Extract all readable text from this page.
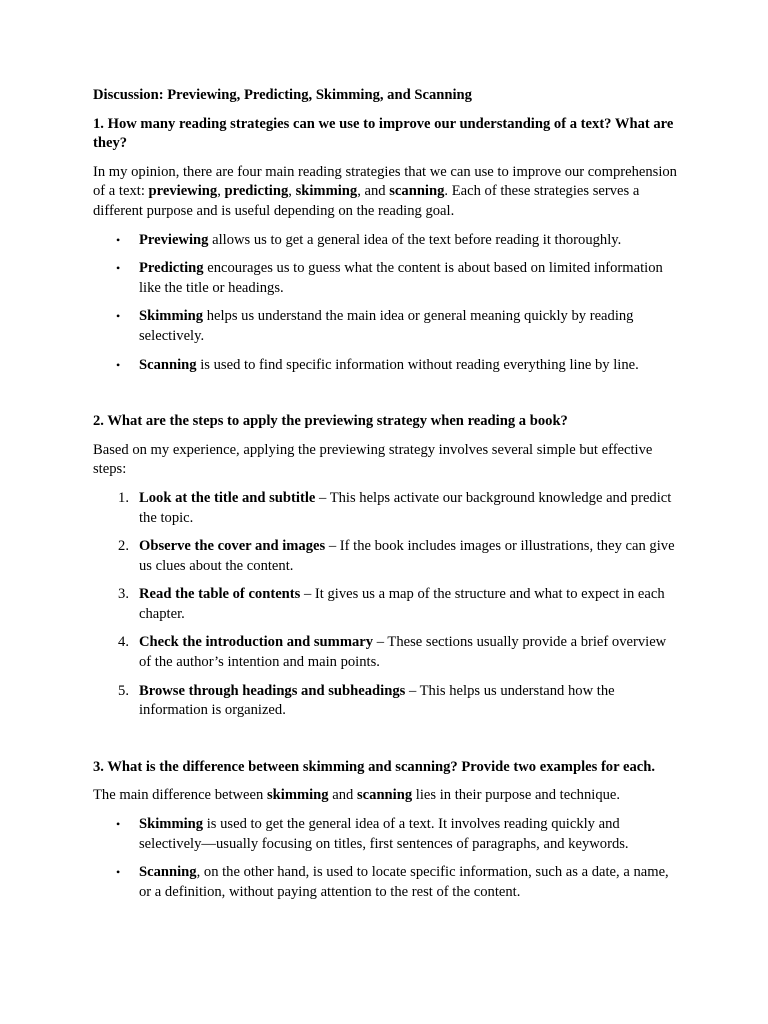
Discussion: Previewing, Predicting, Skimming, and Scanning
1. How many reading strategies can we use to improve our understanding of a text? What are they?
In my opinion, there are four main reading strategies that we can use to improve our comprehension of a text: previewing, predicting, skimming, and scanning. Each of these strategies serves a different purpose and is useful depending on the reading goal.
• Previewing allows us to get a general idea of the text before reading it thoroughly.
• Predicting encourages us to guess what the content is about based on limited information like the title or headings.
• Skimming helps us understand the main idea or general meaning quickly by reading selectively.
• Scanning is used to find specific information without reading everything line by line.
2. What are the steps to apply the previewing strategy when reading a book?
Based on my experience, applying the previewing strategy involves several simple but effective steps:
1. Look at the title and subtitle – This helps activate our background knowledge and predict the topic.
2. Observe the cover and images – If the book includes images or illustrations, they can give us clues about the content.
3. Read the table of contents – It gives us a map of the structure and what to expect in each chapter.
4. Check the introduction and summary – These sections usually provide a brief overview of the author’s intention and main points.
5. Browse through headings and subheadings – This helps us understand how the information is organized.
3. What is the difference between skimming and scanning? Provide two examples for each.
The main difference between skimming and scanning lies in their purpose and technique.
• Skimming is used to get the general idea of a text. It involves reading quickly and selectively—usually focusing on titles, first sentences of paragraphs, and keywords.
• Scanning, on the other hand, is used to locate specific information, such as a date, a name, or a definition, without paying attention to the rest of the content.
